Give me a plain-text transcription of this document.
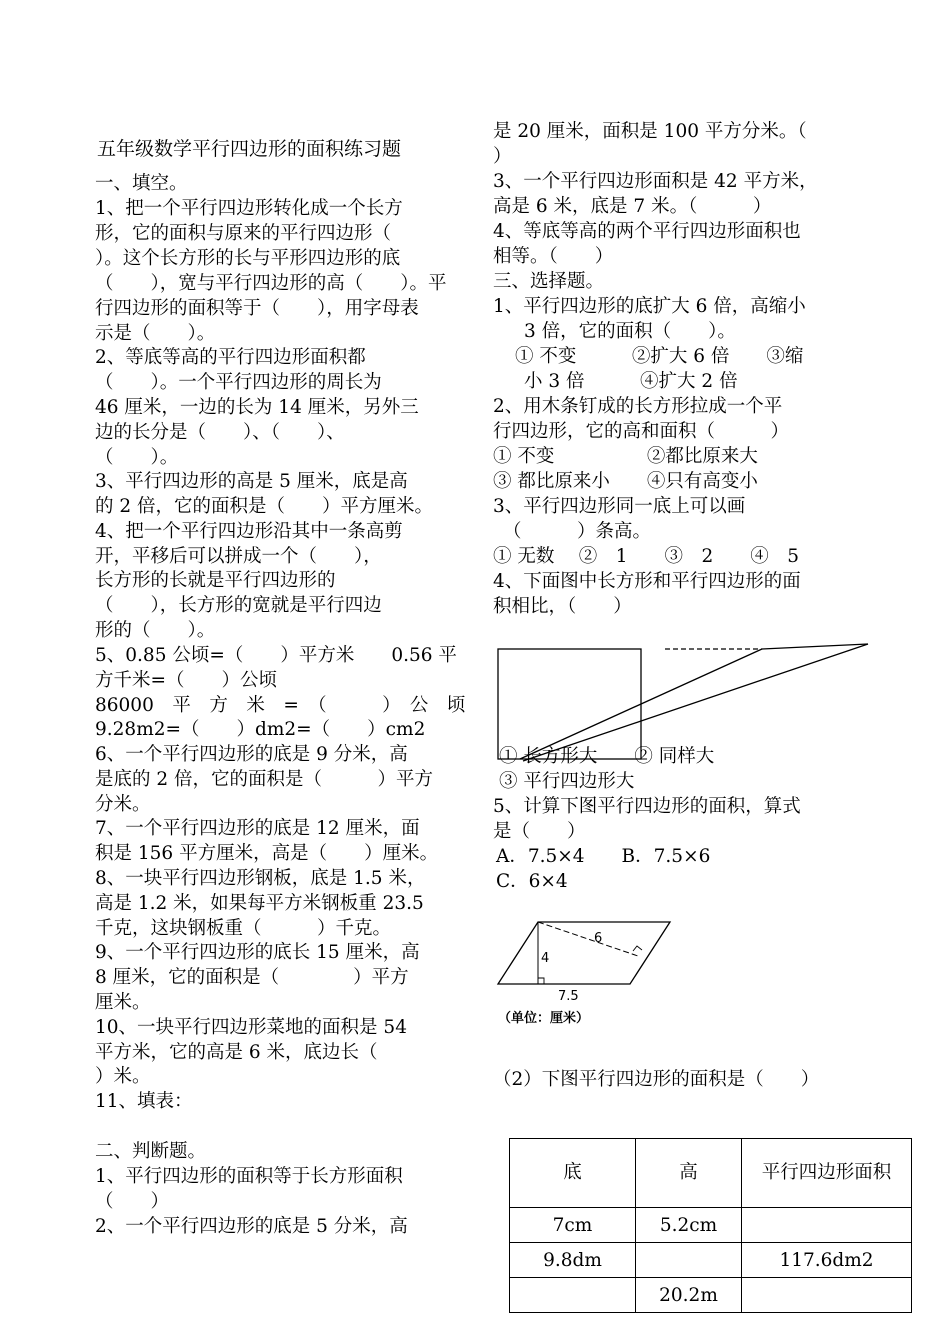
五年级数学平行四边形的面积练习题
一、填空。
1、把一个平行四边形转化成一个长方
形，它的面积与原来的平行四边形（
）。这个长方形的长与平形四边形的底
（　　），宽与平行四边形的高（　　）。平
行四边形的面积等于（　　），用字母表
示是（　　）。
2、等底等高的平行四边形面积都
（　　）。一个平行四边形的周长为
46 厘米，一边的长为 14 厘米，另外三
边的长分是（　　）、（　　）、
（　　）。
3、平行四边形的高是 5 厘米，底是高
的 2 倍，它的面积是（　　）平方厘米。
4、把一个平行四边形沿其中一条高剪
开，平移后可以拼成一个（　　），
长方形的长就是平行四边形的
（　　），长方形的宽就是平行四边
形的（　　）。
5、0.85 公顷=（　　）平方米　　0.56 平
方千米=（　　）公顷
86000　平　方　米　=　（　　　）　公　顷
9.28m2=（　　）dm2=（　　）cm2
6、一个平行四边形的底是 9 分米，高
是底的 2 倍，它的面积是（　　　）平方
分米。
7、一个平行四边形的底是 12 厘米，面
积是 156 平方厘米，高是（　　）厘米。
8、一块平行四边形钢板，底是 1.5 米，
高是 1.2 米，如果每平方米钢板重 23.5
千克，这块钢板重（　　　）千克。
9、一个平行四边形的底长 15 厘米，高
8 厘米，它的面积是（　　　　）平方
厘米。
10、一块平行四边形菜地的面积是 54
平方米，它的高是 6 米，底边长（
）米。
11、填表：
二、判断题。
1、平行四边形的面积等于长方形面积
（　　）
2、一个平行四边形的底是 5 分米，高
是 20 厘米，面积是 100 平方分米。（
）
3、一个平行四边形面积是 42 平方米，
高是 6 米，底是 7 米。（　　　）
4、等底等高的两个平行四边形面积也
相等。（　　）
三、选择题。
1、平行四边形的底扩大 6 倍，高缩小
3 倍，它的面积（　　）。
① 不变　　　②扩大 6 倍　　③缩
小 3 倍　　　④扩大 2 倍
2、用木条钉成的长方形拉成一个平
行四边形，它的高和面积（　　　）
① 不变　　　　　②都比原来大
③ 都比原来小　　④只有高变小
3、平行四边形同一底上可以画
（　　　）条高。
① 无数　 ②　1　　③　2　　④　5
4、下面图中长方形和平行四边形的面
积相比，（　　）
① 长方形大　　② 同样大
③ 平行四边形大
5、计算下图平行四边形的面积，算式
是（　　）
A．7.5×4　　B．7.5×6
C．6×4
（2）下图平行四边形的面积是（　　）
6
4
7.5
（单位：厘米）
底	高	平行四边形面积
7cm	5.2cm	
9.8dm		117.6dm2
	20.2m	
